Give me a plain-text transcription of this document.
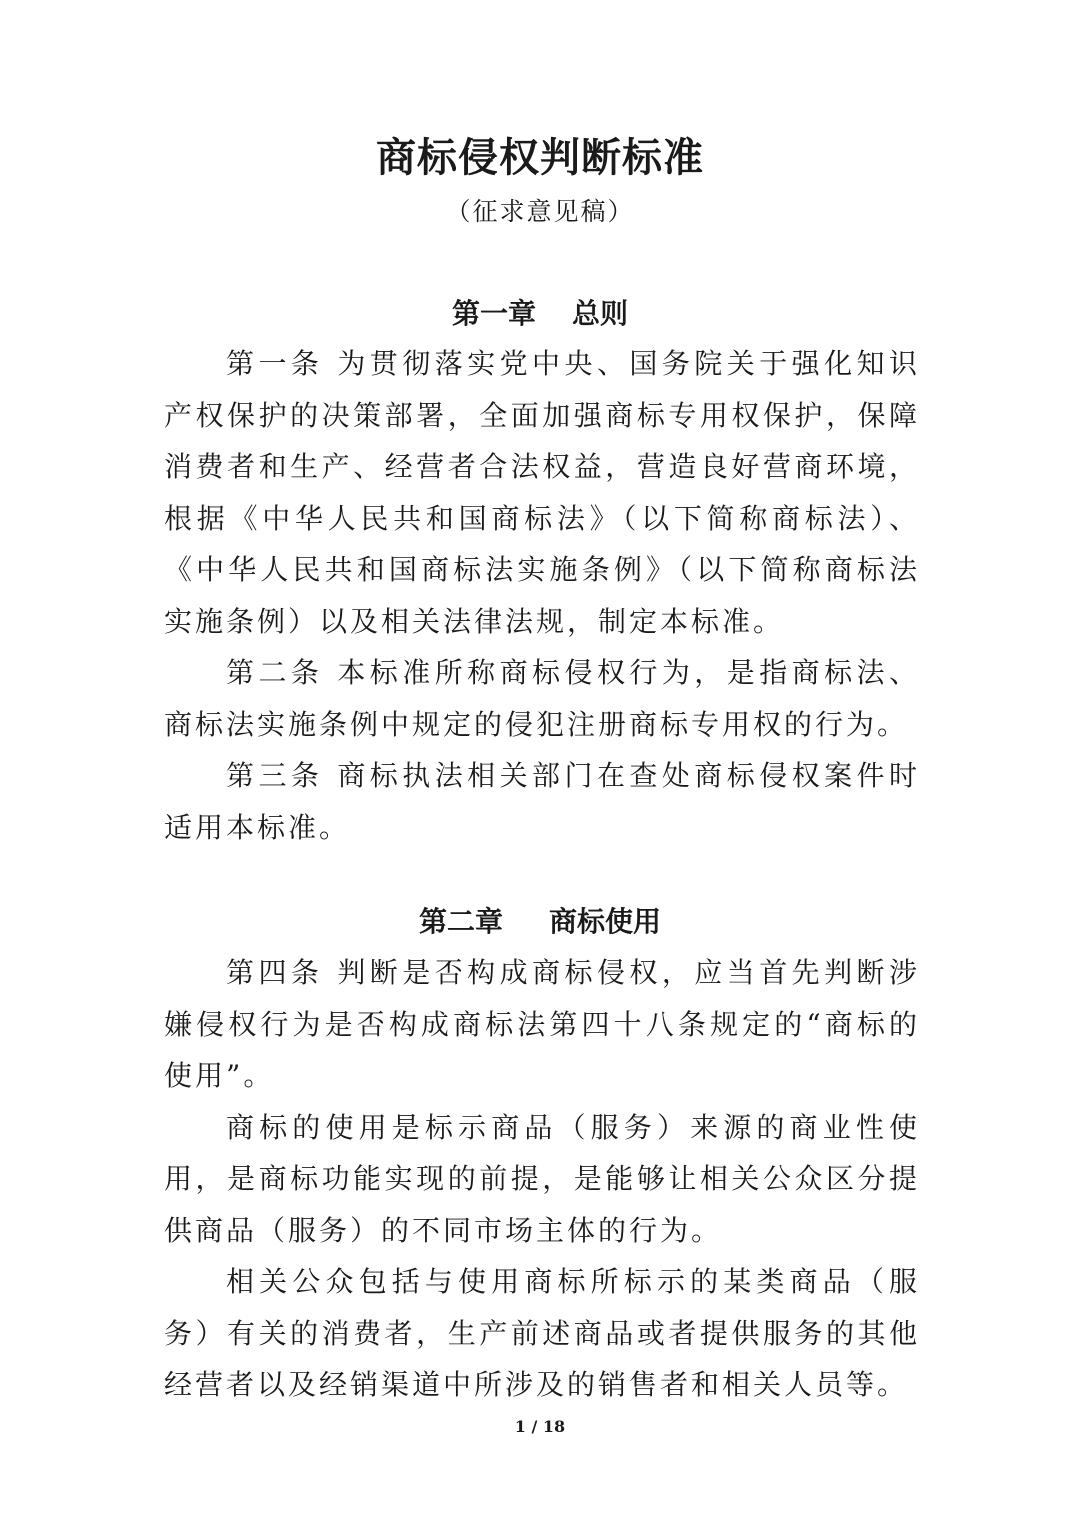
商标侵权判断标准
（征求意见稿）
第一章 总则

第一条 为贯彻落实党中央、国务院关于强化知识产权保护的决策部署，全面加强商标专用权保护，保障消费者和生产、经营者合法权益，营造良好营商环境，根据《中华人民共和国商标法》（以下简称商标法）、《中华人民共和国商标法实施条例》（以下简称商标法实施条例）以及相关法律法规，制定本标准。

第二条 本标准所称商标侵权行为，是指商标法、商标法实施条例中规定的侵犯注册商标专用权的行为。

第三条 商标执法相关部门在查处商标侵权案件时适用本标准。

第二章 商标使用

第四条 判断是否构成商标侵权，应当首先判断涉嫌侵权行为是否构成商标法第四十八条规定的“商标的使用”。

商标的使用是标示商品（服务）来源的商业性使用，是商标功能实现的前提，是能够让相关公众区分提供商品（服务）的不同市场主体的行为。

相关公众包括与使用商标所标示的某类商品（服务）有关的消费者，生产前述商品或者提供服务的其他经营者以及经销渠道中所涉及的销售者和相关人员等。

1 / 18
